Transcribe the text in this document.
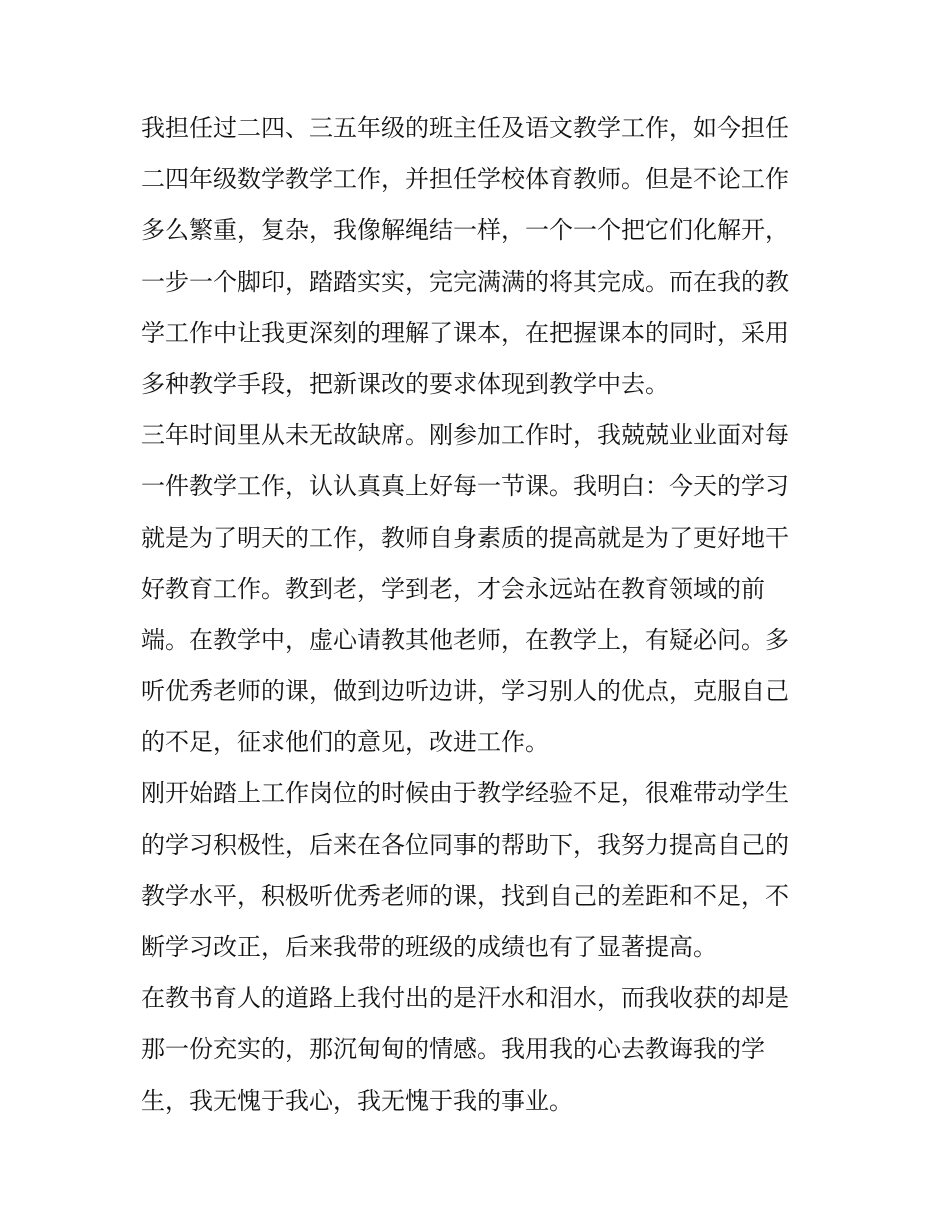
我担任过二四、三五年级的班主任及语文教学工作，如今担任
二四年级数学教学工作，并担任学校体育教师。但是不论工作
多么繁重，复杂，我像解绳结一样，一个一个把它们化解开，
一步一个脚印，踏踏实实，完完满满的将其完成。而在我的教
学工作中让我更深刻的理解了课本，在把握课本的同时，采用
多种教学手段，把新课改的要求体现到教学中去。
三年时间里从未无故缺席。刚参加工作时，我兢兢业业面对每
一件教学工作，认认真真上好每一节课。我明白：今天的学习
就是为了明天的工作，教师自身素质的提高就是为了更好地干
好教育工作。教到老，学到老，才会永远站在教育领域的前
端。在教学中，虚心请教其他老师，在教学上，有疑必问。多
听优秀老师的课，做到边听边讲，学习别人的优点，克服自己
的不足，征求他们的意见，改进工作。
刚开始踏上工作岗位的时候由于教学经验不足，很难带动学生
的学习积极性，后来在各位同事的帮助下，我努力提高自己的
教学水平，积极听优秀老师的课，找到自己的差距和不足，不
断学习改正，后来我带的班级的成绩也有了显著提高。
在教书育人的道路上我付出的是汗水和泪水，而我收获的却是
那一份充实的，那沉甸甸的情感。我用我的心去教诲我的学
生，我无愧于我心，我无愧于我的事业。
